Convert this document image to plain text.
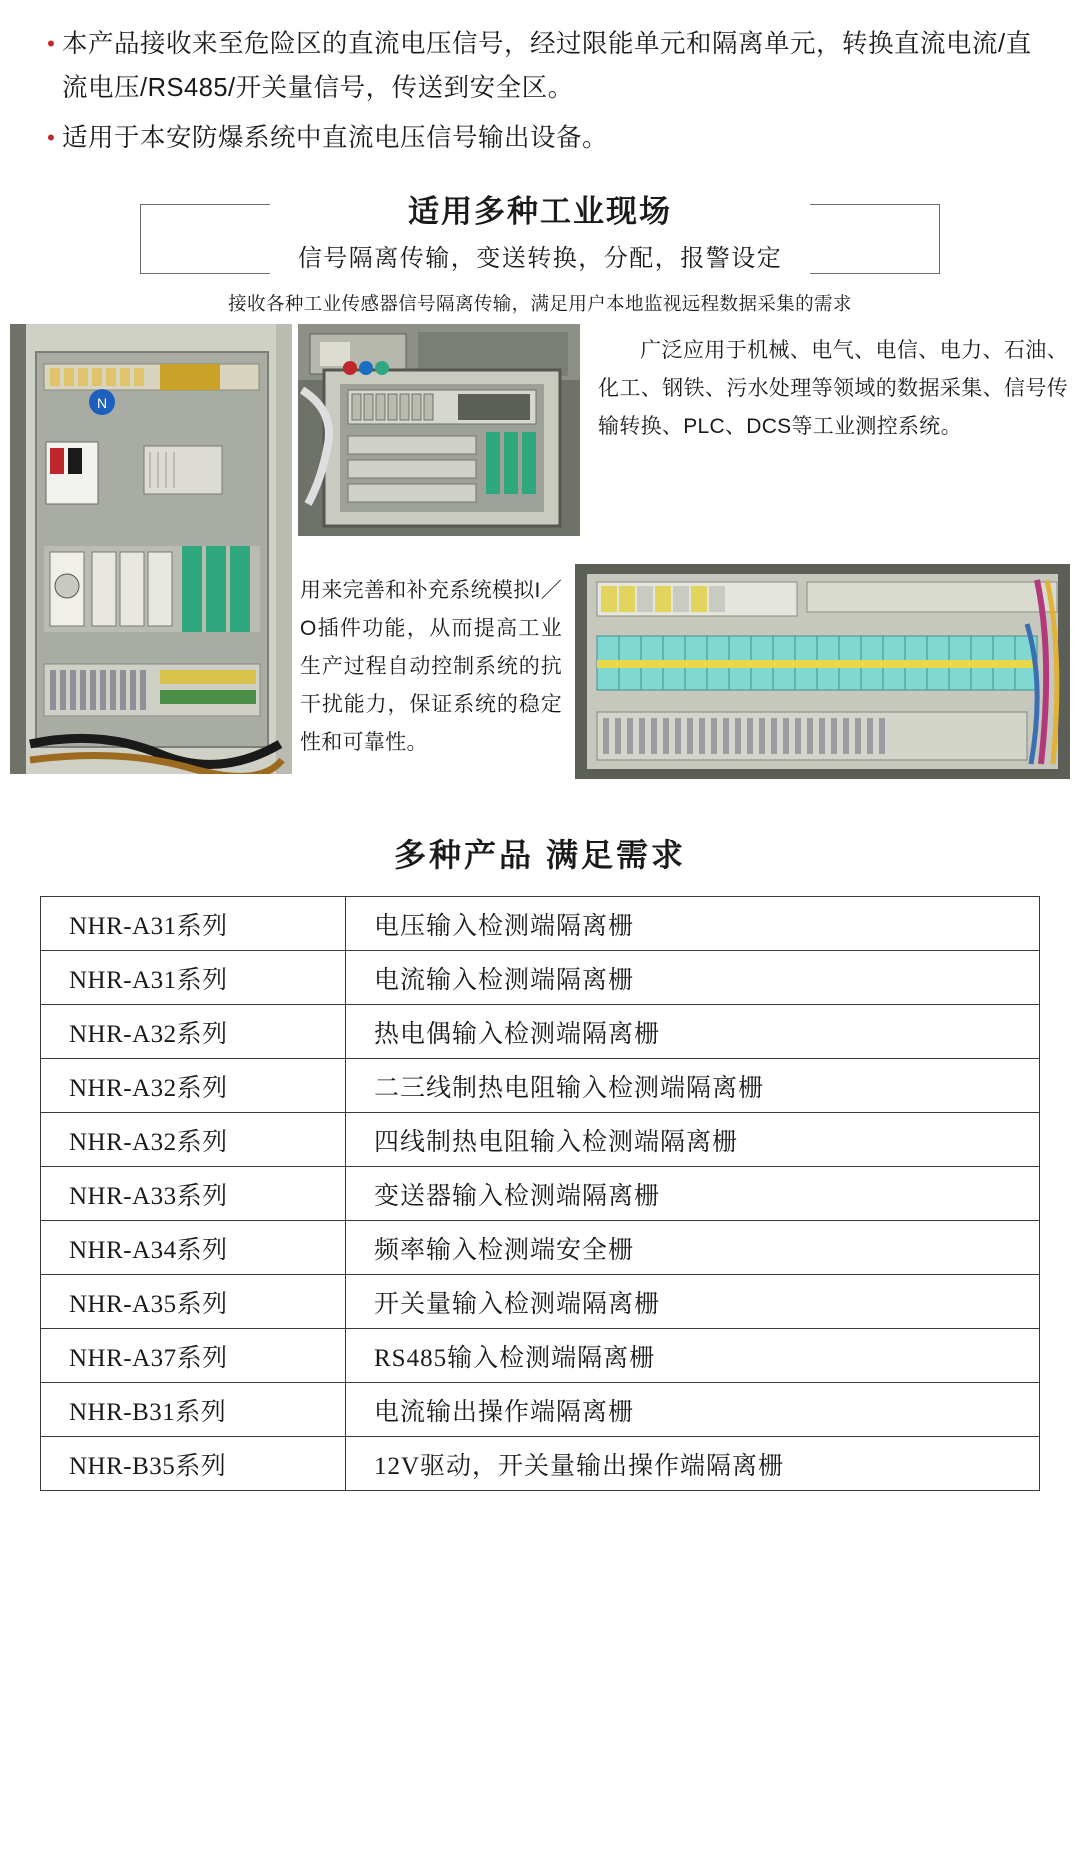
• 本产品接收来至危险区的直流电压信号，经过限能单元和隔离单元，转换直流电流/直流电压/RS485/开关量信号，传送到安全区。
• 适用于本安防爆系统中直流电压信号输出设备。
适用多种工业现场
信号隔离传输，变送转换，分配，报警设定
接收各种工业传感器信号隔离传输，满足用户本地监视远程数据采集的需求
N
广泛应用于机械、电气、电信、电力、石油、化工、钢铁、污水处理等领域的数据采集、信号传输转换、PLC、DCS等工业测控系统。
用来完善和补充系统模拟I／O插件功能，从而提高工业生产过程自动控制系统的抗干扰能力，保证系统的稳定性和可靠性。
多种产品 满足需求
NHR-A31系列	电压输入检测端隔离栅
NHR-A31系列	电流输入检测端隔离栅
NHR-A32系列	热电偶输入检测端隔离栅
NHR-A32系列	二三线制热电阻输入检测端隔离栅
NHR-A32系列	四线制热电阻输入检测端隔离栅
NHR-A33系列	变送器输入检测端隔离栅
NHR-A34系列	频率输入检测端安全栅
NHR-A35系列	开关量输入检测端隔离栅
NHR-A37系列	RS485输入检测端隔离栅
NHR-B31系列	电流输出操作端隔离栅
NHR-B35系列	12V驱动，开关量输出操作端隔离栅
